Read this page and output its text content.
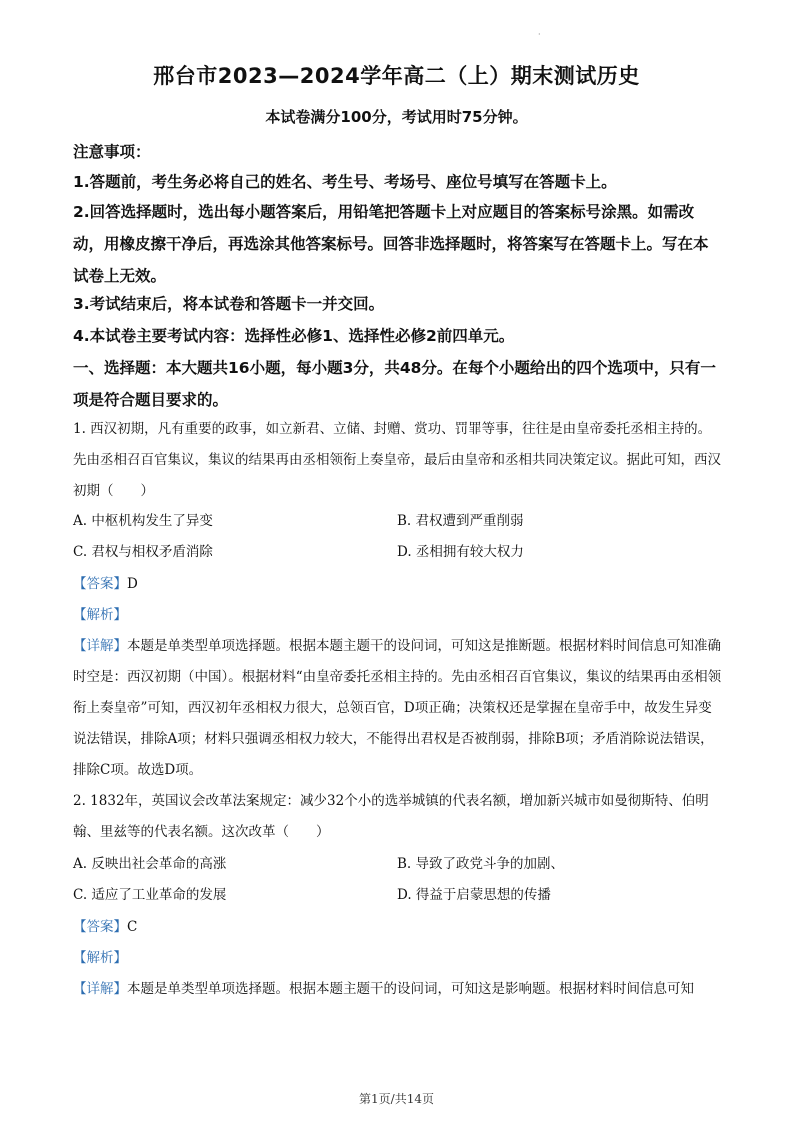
·
邢台市2023—2024学年高二（上）期末测试历史
本试卷满分100分，考试用时75分钟。

注意事项：

1.答题前，考生务必将自己的姓名、考生号、考场号、座位号填写在答题卡上。

2.回答选择题时，选出每小题答案后，用铅笔把答题卡上对应题目的答案标号涂黑。如需改动，用橡皮擦干净后，再选涂其他答案标号。回答非选择题时，将答案写在答题卡上。写在本试卷上无效。

3.考试结束后，将本试卷和答题卡一并交回。

4.本试卷主要考试内容：选择性必修1、选择性必修2前四单元。

一、选择题：本大题共16小题，每小题3分，共48分。在每个小题给出的四个选项中，只有一项是符合题目要求的。

1. 西汉初期，凡有重要的政事，如立新君、立储、封赠、赏功、罚罪等事，往往是由皇帝委托丞相主持的。先由丞相召百官集议，集议的结果再由丞相领衔上奏皇帝，最后由皇帝和丞相共同决策定议。据此可知，西汉初期（　　）

A. 中枢机构发生了异变	B. 君权遭到严重削弱
C. 君权与相权矛盾消除	D. 丞相拥有较大权力
【答案】D
【解析】

【详解】本题是单类型单项选择题。根据本题主题干的设问词，可知这是推断题。根据材料时间信息可知准确时空是：西汉初期（中国）。根据材料“由皇帝委托丞相主持的。先由丞相召百官集议，集议的结果再由丞相领衔上奏皇帝”可知，西汉初年丞相权力很大，总领百官，D项正确；决策权还是掌握在皇帝手中，故发生异变说法错误，排除A项；材料只强调丞相权力较大，不能得出君权是否被削弱，排除B项；矛盾消除说法错误，排除C项。故选D项。

2. 1832年，英国议会改革法案规定：减少32个小的选举城镇的代表名额，增加新兴城市如曼彻斯特、伯明翰、里兹等的代表名额。这次改革（　　）

A. 反映出社会革命的高涨	B. 导致了政党斗争的加剧、
C. 适应了工业革命的发展	D. 得益于启蒙思想的传播
【答案】C
【解析】

【详解】本题是单类型单项选择题。根据本题主题干的设问词，可知这是影响题。根据材料时间信息可知

第1页/共14页
